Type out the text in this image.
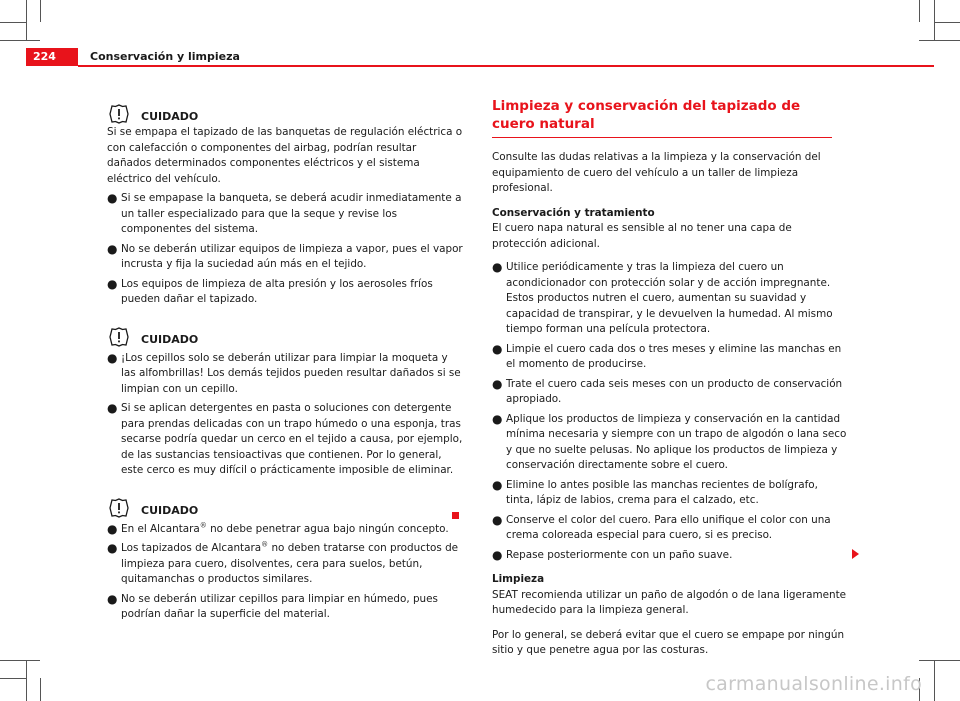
224	Conservación y limpieza
CUIDADO

Si se empapa el tapizado de las banquetas de regulación eléctrica o con calefacción o componentes del airbag, podrían resultar dañados determinados componentes eléctricos y el sistema eléctrico del vehículo.

● Si se empapase la banqueta, se deberá acudir inmediatamente a un taller especializado para que la seque y revise los componentes del sistema.
● No se deberán utilizar equipos de limpieza a vapor, pues el vapor incrusta y fija la suciedad aún más en el tejido.
● Los equipos de limpieza de alta presión y los aerosoles fríos pueden dañar el tapizado.
CUIDADO
● ¡Los cepillos solo se deberán utilizar para limpiar la moqueta y las alfombrillas! Los demás tejidos pueden resultar dañados si se limpian con un cepillo.
● Si se aplican detergentes en pasta o soluciones con detergente para prendas delicadas con un trapo húmedo o una esponja, tras secarse podría quedar un cerco en el tejido a causa, por ejemplo, de las sustancias tensioactivas que contienen. Por lo general, este cerco es muy difícil o prácticamente imposible de eliminar.
CUIDADO
● En el Alcantara® no debe penetrar agua bajo ningún concepto.
● Los tapizados de Alcantara® no deben tratarse con productos de limpieza para cuero, disolventes, cera para suelos, betún, quitamanchas o productos similares.
● No se deberán utilizar cepillos para limpiar en húmedo, pues podrían dañar la superficie del material.
Limpieza y conservación del tapizado de cuero natural

Consulte las dudas relativas a la limpieza y la conservación del equipamiento de cuero del vehículo a un taller de limpieza profesional.

Conservación y tratamiento

El cuero napa natural es sensible al no tener una capa de protección adicional.

● Utilice periódicamente y tras la limpieza del cuero un acondicionador con protección solar y de acción impregnante. Estos productos nutren el cuero, aumentan su suavidad y capacidad de transpirar, y le devuelven la humedad. Al mismo tiempo forman una película protectora.
● Limpie el cuero cada dos o tres meses y elimine las manchas en el momento de producirse.
● Trate el cuero cada seis meses con un producto de conservación apropiado.
● Aplique los productos de limpieza y conservación en la cantidad mínima necesaria y siempre con un trapo de algodón o lana seco y que no suelte pelusas. No aplique los productos de limpieza y conservación directamente sobre el cuero.
● Elimine lo antes posible las manchas recientes de bolígrafo, tinta, lápiz de labios, crema para el calzado, etc.
● Conserve el color del cuero. Para ello unifique el color con una crema coloreada especial para cuero, si es preciso.
● Repase posteriormente con un paño suave.

Limpieza

SEAT recomienda utilizar un paño de algodón o de lana ligeramente humedecido para la limpieza general.

Por lo general, se deberá evitar que el cuero se empape por ningún sitio y que penetre agua por las costuras.

carmanualsonline.info
